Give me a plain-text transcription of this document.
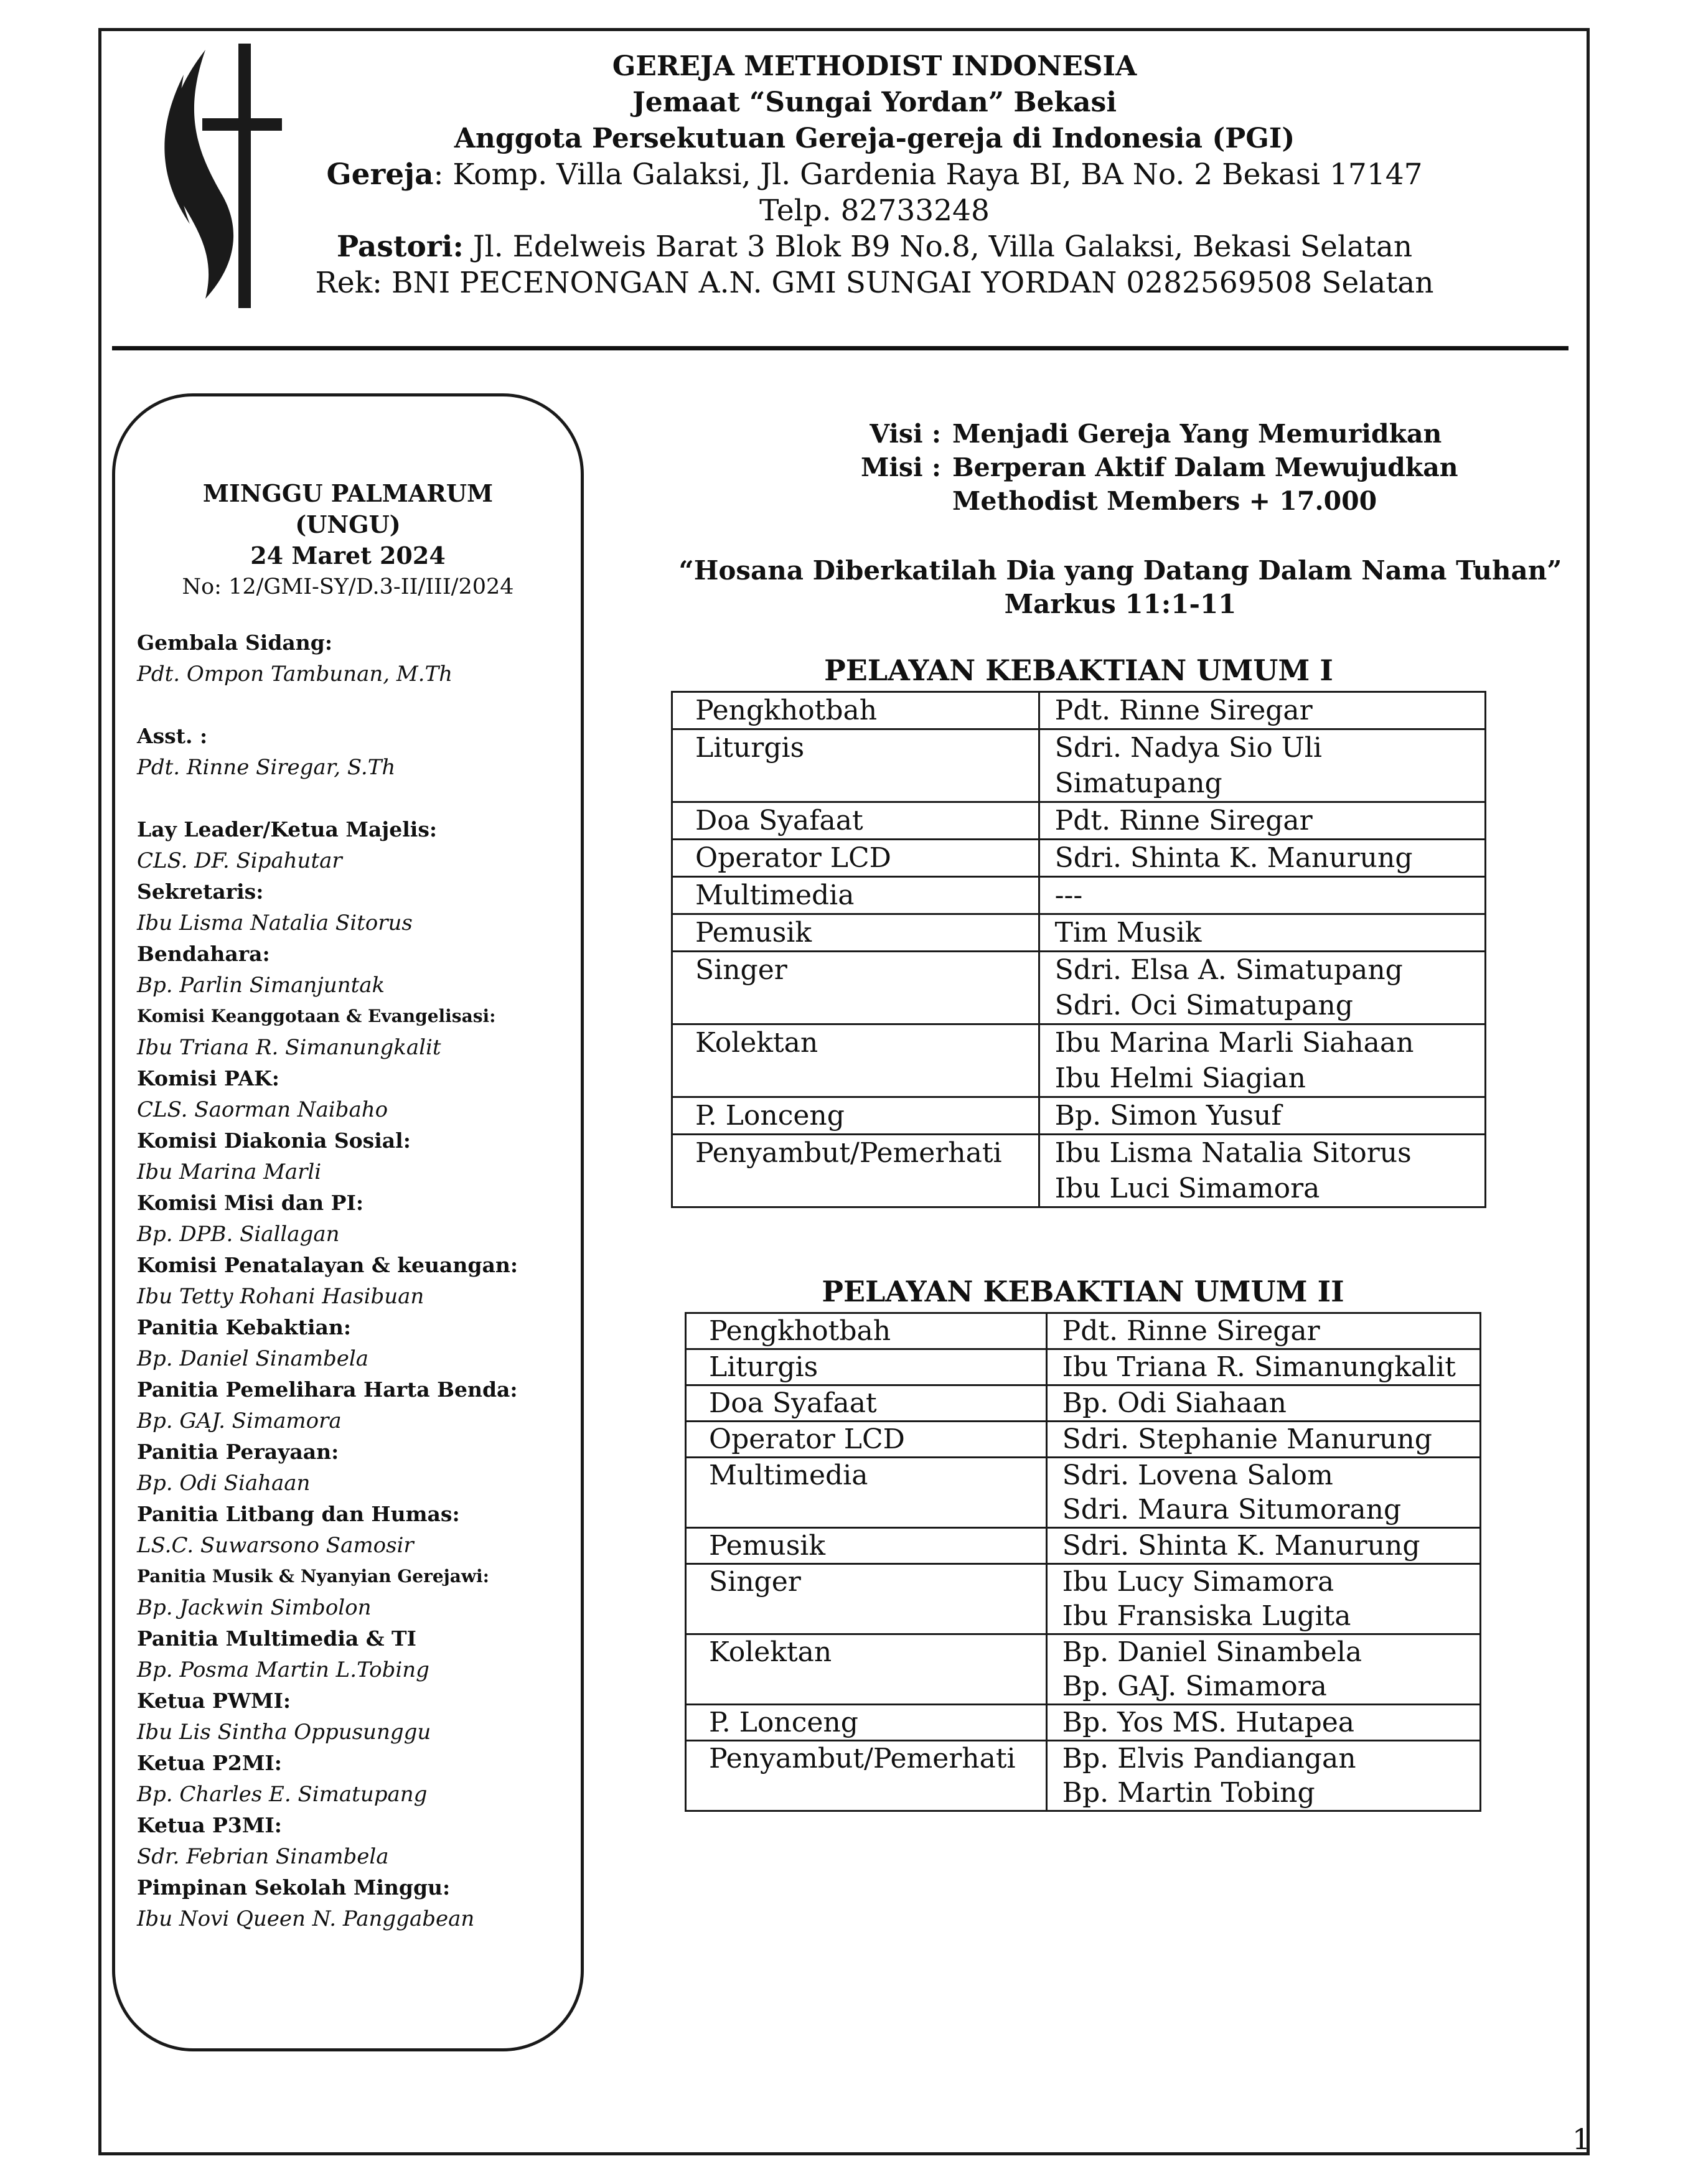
GEREJA METHODIST INDONESIA
Jemaat “Sungai Yordan” Bekasi
Anggota Persekutuan Gereja-gereja di Indonesia (PGI)
Gereja: Komp. Villa Galaksi, Jl. Gardenia Raya BI, BA No. 2 Bekasi 17147
Telp. 82733248
Pastori: Jl. Edelweis Barat 3 Blok B9 No.8, Villa Galaksi, Bekasi Selatan
Rek: BNI PECENONGAN A.N. GMI SUNGAI YORDAN 0282569508 Selatan
MINGGU PALMARUM
(UNGU)
24 Maret 2024
No: 12/GMI-SY/D.3-II/III/2024
Gembala Sidang:
Pdt. Ompon Tambunan, M.Th
Asst. :
Pdt. Rinne Siregar, S.Th
Lay Leader/Ketua Majelis:
CLS. DF. Sipahutar
Sekretaris:
Ibu Lisma Natalia Sitorus
Bendahara:
Bp. Parlin Simanjuntak
Komisi Keanggotaan & Evangelisasi:
Ibu Triana R. Simanungkalit
Komisi PAK:
CLS. Saorman Naibaho
Komisi Diakonia Sosial:
Ibu Marina Marli
Komisi Misi dan PI:
Bp. DPB. Siallagan
Komisi Penatalayan & keuangan:
Ibu Tetty Rohani Hasibuan
Panitia Kebaktian:
Bp. Daniel Sinambela
Panitia Pemelihara Harta Benda:
Bp. GAJ. Simamora
Panitia Perayaan:
Bp. Odi Siahaan
Panitia Litbang dan Humas:
LS.C. Suwarsono Samosir
Panitia Musik & Nyanyian Gerejawi:
Bp. Jackwin Simbolon
Panitia Multimedia & TI
Bp. Posma Martin L.Tobing
Ketua PWMI:
Ibu Lis Sintha Oppusunggu
Ketua P2MI:
Bp. Charles E. Simatupang
Ketua P3MI:
Sdr. Febrian Sinambela
Pimpinan Sekolah Minggu:
Ibu Novi Queen N. Panggabean
Visi : Menjadi Gereja Yang Memuridkan
Misi : Berperan Aktif Dalam Mewujudkan
Methodist Members + 17.000
“Hosana Diberkatilah Dia yang Datang Dalam Nama Tuhan”
Markus 11:1-11
PELAYAN KEBAKTIAN UMUM I
Pengkhotbah	Pdt. Rinne Siregar
Liturgis	Sdri. Nadya Sio Uli
Simatupang
Doa Syafaat	Pdt. Rinne Siregar
Operator LCD	Sdri. Shinta K. Manurung
Multimedia	---
Pemusik	Tim Musik
Singer	Sdri. Elsa A. Simatupang
Sdri. Oci Simatupang
Kolektan	Ibu Marina Marli Siahaan
Ibu Helmi Siagian
P. Lonceng	Bp. Simon Yusuf
Penyambut/Pemerhati	Ibu Lisma Natalia Sitorus
Ibu Luci Simamora
PELAYAN KEBAKTIAN UMUM II
Pengkhotbah	Pdt. Rinne Siregar
Liturgis	Ibu Triana R. Simanungkalit
Doa Syafaat	Bp. Odi Siahaan
Operator LCD	Sdri. Stephanie Manurung
Multimedia	Sdri. Lovena Salom
Sdri. Maura Situmorang
Pemusik	Sdri. Shinta K. Manurung
Singer	Ibu Lucy Simamora
Ibu Fransiska Lugita
Kolektan	Bp. Daniel Sinambela
Bp. GAJ. Simamora
P. Lonceng	Bp. Yos MS. Hutapea
Penyambut/Pemerhati	Bp. Elvis Pandiangan
Bp. Martin Tobing
1
